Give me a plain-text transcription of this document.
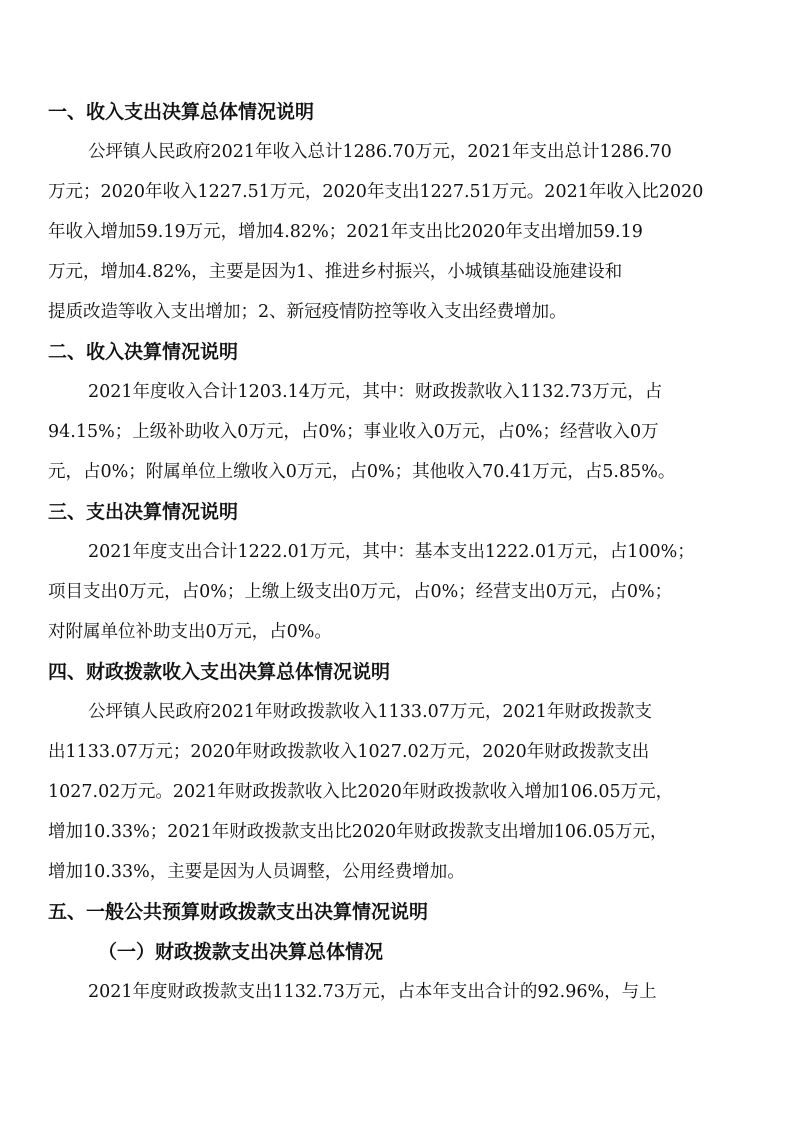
一、收入支出决算总体情况说明

公坪镇人民政府2021年收入总计1286.70万元，2021年支出总计1286.70
万元；2020年收入1227.51万元，2020年支出1227.51万元。2021年收入比2020
年收入增加59.19万元，增加4.82%；2021年支出比2020年支出增加59.19
万元，增加4.82%，主要是因为1、推进乡村振兴，小城镇基础设施建设和
提质改造等收入支出增加；2、新冠疫情防控等收入支出经费增加。

二、收入决算情况说明

2021年度收入合计1203.14万元，其中：财政拨款收入1132.73万元，占
94.15%；上级补助收入0万元，占0%；事业收入0万元，占0%；经营收入0万
元，占0%；附属单位上缴收入0万元，占0%；其他收入70.41万元，占5.85%。

三、支出决算情况说明

2021年度支出合计1222.01万元，其中：基本支出1222.01万元，占100%；
项目支出0万元，占0%；上缴上级支出0万元，占0%；经营支出0万元，占0%；
对附属单位补助支出0万元，占0%。

四、财政拨款收入支出决算总体情况说明

公坪镇人民政府2021年财政拨款收入1133.07万元，2021年财政拨款支
出1133.07万元；2020年财政拨款收入1027.02万元，2020年财政拨款支出
1027.02万元。2021年财政拨款收入比2020年财政拨款收入增加106.05万元，
增加10.33%；2021年财政拨款支出比2020年财政拨款支出增加106.05万元，
增加10.33%，主要是因为人员调整，公用经费增加。

五、一般公共预算财政拨款支出决算情况说明
（一）财政拨款支出决算总体情况

2021年度财政拨款支出1132.73万元，占本年支出合计的92.96%，与上
